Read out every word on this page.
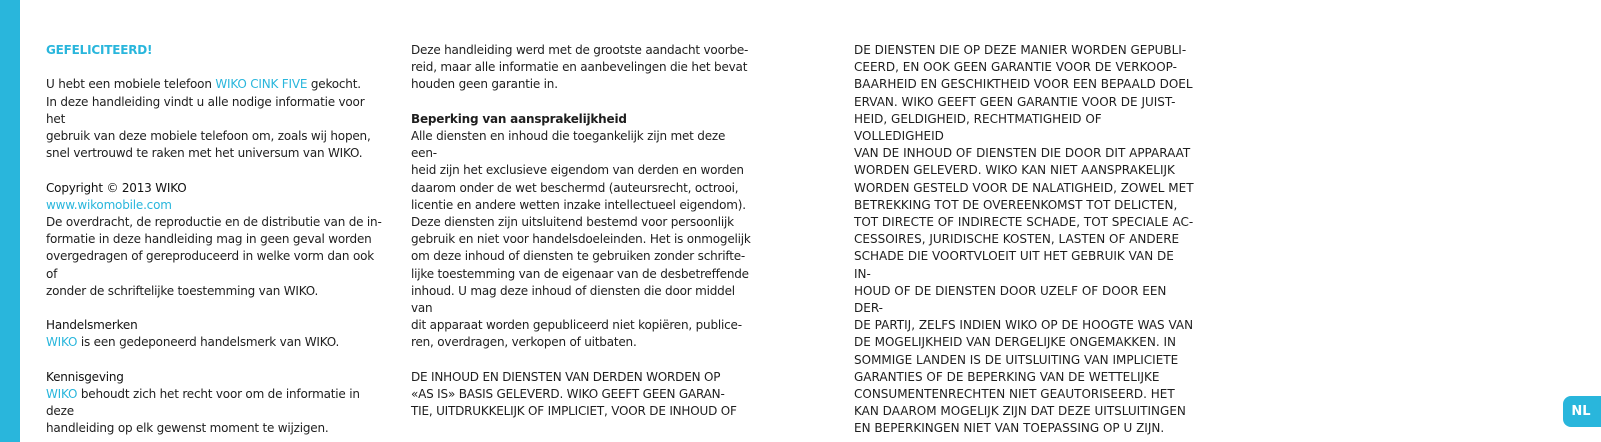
GEFELICITEERD!

U hebt een mobiele telefoon WIKO CINK FIVE gekocht.

In deze handleiding vindt u alle nodige informatie voor het

gebruik van deze mobiele telefoon om, zoals wij hopen,

snel vertrouwd te raken met het universum van WIKO.

Copyright © 2013 WIKO

www.wikomobile.com

De overdracht, de reproductie en de distributie van de in-

formatie in deze handleiding mag in geen geval worden

overgedragen of gereproduceerd in welke vorm dan ook of

zonder de schriftelijke toestemming van WIKO.

Handelsmerken

WIKO is een gedeponeerd handelsmerk van WIKO.

Kennisgeving

WIKO behoudt zich het recht voor om de informatie in deze

handleiding op elk gewenst moment te wijzigen.

Deze handleiding werd met de grootste aandacht voorbe-

reid, maar alle informatie en aanbevelingen die het bevat

houden geen garantie in.

Beperking van aansprakelijkheid

Alle diensten en inhoud die toegankelijk zijn met deze een-

heid zijn het exclusieve eigendom van derden en worden

daarom onder de wet beschermd (auteursrecht, octrooi,

licentie en andere wetten inzake intellectueel eigendom).

Deze diensten zijn uitsluitend bestemd voor persoonlijk

gebruik en niet voor handelsdoeleinden. Het is onmogelijk

om deze inhoud of diensten te gebruiken zonder schrifte-

lijke toestemming van de eigenaar van de desbetreffende

inhoud. U mag deze inhoud of diensten die door middel van

dit apparaat worden gepubliceerd niet kopiëren, publice-

ren, overdragen, verkopen of uitbaten.

DE INHOUD EN DIENSTEN VAN DERDEN WORDEN OP

«AS IS» BASIS GELEVERD. WIKO GEEFT GEEN GARAN-

TIE, UITDRUKKELIJK OF IMPLICIET, VOOR DE INHOUD OF

DE DIENSTEN DIE OP DEZE MANIER WORDEN GEPUBLI-

CEERD, EN OOK GEEN GARANTIE VOOR DE VERKOOP-

BAARHEID EN GESCHIKTHEID VOOR EEN BEPAALD DOEL

ERVAN. WIKO GEEFT GEEN GARANTIE VOOR DE JUIST-

HEID, GELDIGHEID, RECHTMATIGHEID OF VOLLEDIGHEID

VAN DE INHOUD OF DIENSTEN DIE DOOR DIT APPARAAT

WORDEN GELEVERD. WIKO KAN NIET AANSPRAKELIJK

WORDEN GESTELD VOOR DE NALATIGHEID, ZOWEL MET

BETREKKING TOT DE OVEREENKOMST TOT DELICTEN,

TOT DIRECTE OF INDIRECTE SCHADE, TOT SPECIALE AC-

CESSOIRES, JURIDISCHE KOSTEN, LASTEN OF ANDERE

SCHADE DIE VOORTVLOEIT UIT HET GEBRUIK VAN DE IN-

HOUD OF DE DIENSTEN DOOR UZELF OF DOOR EEN DER-

DE PARTIJ, ZELFS INDIEN WIKO OP DE HOOGTE WAS VAN

DE MOGELIJKHEID VAN DERGELIJKE ONGEMAKKEN. IN

SOMMIGE LANDEN IS DE UITSLUITING VAN IMPLICIETE

GARANTIES OF DE BEPERKING VAN DE WETTELIJKE

CONSUMENTENRECHTEN NIET GEAUTORISEERD. HET

KAN DAAROM MOGELIJK ZIJN DAT DEZE UITSLUITINGEN

EN BEPERKINGEN NIET VAN TOEPASSING OP U ZIJN.

NL
